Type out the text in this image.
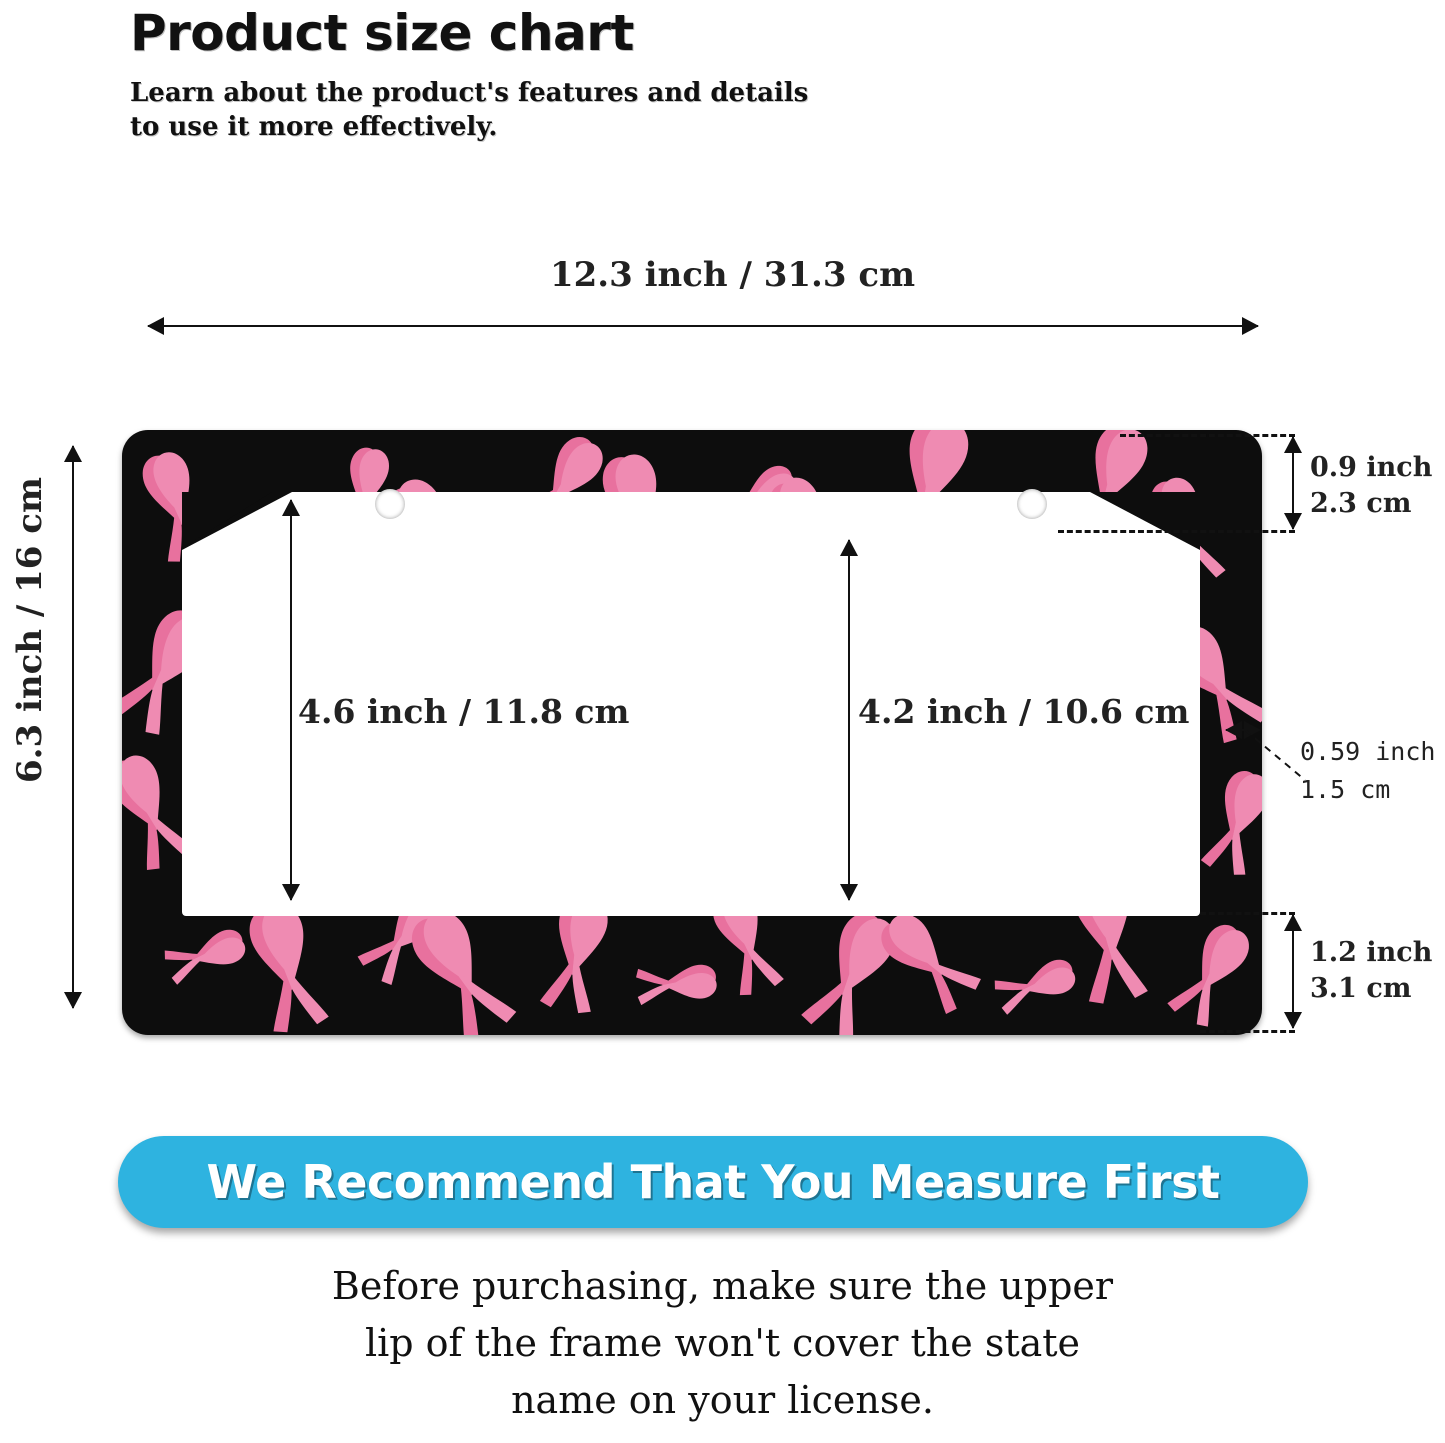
Product size chart
Learn about the product's features and details
to use it more effectively.
12.3 inch / 31.3 cm
6.3 inch / 16 cm	4.6 inch / 11.8 cm	4.2 inch / 10.6 cm
0.9 inch
2.3 cm
1.2 inch
3.1 cm
0.59 inch
1.5 cm
We Recommend That You Measure First
Before purchasing, make sure the upper
lip of the frame won't cover the state
name on your license.
